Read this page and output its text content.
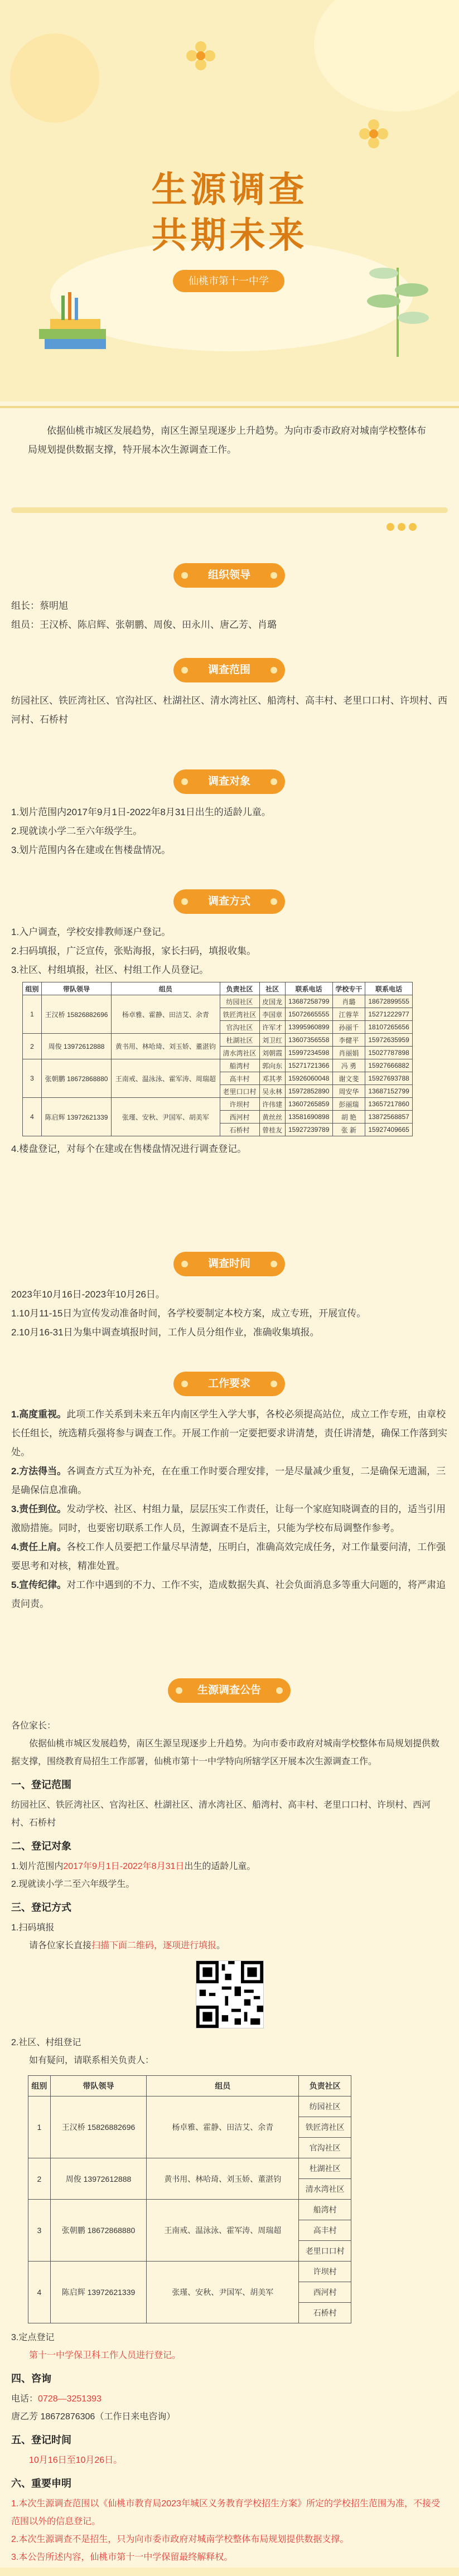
生源调查
共期未来
仙桃市第十一中学

依据仙桃市城区发展趋势，南区生源呈现逐步上升趋势。为向市委市政府对城南学校整体布局规划提供数据支撑，特开展本次生源调查工作。

组织领导

组长：蔡明旭

组员：王汉桥、陈启辉、张朝鹏、周俊、田永川、唐乙芳、肖璐

调查范围

纺园社区、铁匠湾社区、官沟社区、杜湖社区、清水湾社区、船湾村、高丰村、老里口口村、许坝村、西河村、石桥村

调查对象

1.划片范围内2017年9月1日-2022年8月31日出生的适龄儿童。

2.现就读小学二至六年级学生。

3.划片范围内各在建或在售楼盘情况。

调查方式

1.入户调查，学校安排教师逐户登记。

2.扫码填报，广泛宣传，张贴海报，家长扫码，填报收集。

3.社区、村组填报，社区、村组工作人员登记。

组别	带队领导	组员	负责社区	社区	联系电话	学校专干	联系电话
1	王汉桥 15826882696	杨卓雅、霍静、田洁艾、余青	纺园社区	皮国龙	13687258799	肖璐	18672899555
			铁匠湾社区	李国章	15072665555	江蓉苹	15271222977
			官沟社区	许军才	13995960899	孙丽千	18107265656
2	周俊 13972612888	黄书用、林哈琦、刘玉娇、董湛钧	杜湖社区	刘卫红	13607356558	李健平	15972635959
			清水湾社区	刘朝霞	15997234598	肖丽娟	15027787898
3	张朝鹏 18672868880	王南戒、温泳泳、霍军涛、周瑞超	船湾村	郭向东	15271721366	冯 勇	15927666882
			高丰村	邓其孝	15926060048	谢文斐	15927693788
			老里口口村	吴永林	15972852890	周安华	13687152799
4	陈启辉 13972621339	张瑾、安秋、尹国军、胡美军	许坝村	许伟建	13607265859	彭丽瑞	13657217860
			西河村	黄丝丝	13581690898	胡 艳	13872568857
			石桥村	曾桂友	15927239789	张 新	15927409665

4.楼盘登记，对每个在建或在售楼盘情况进行调查登记。

调查时间

2023年10月16日-2023年10月26日。

1.10月11-15日为宣传发动准备时间，各学校要制定本校方案，成立专班，开展宣传。

2.10月16-31日为集中调查填报时间，工作人员分组作业，准确收集填报。

工作要求

1.高度重视。此项工作关系到未来五年内南区学生入学大事，各校必须提高站位，成立工作专班，由章校长任组长，统选精兵强将参与调查工作。开展工作前一定要把要求讲清楚，责任讲清楚，确保工作落到实处。

2.方法得当。各调查方式互为补充，在在重工作时要合理安排，一是尽量减少重复，二是确保无遗漏，三是确保信息准确。

3.责任到位。发动学校、社区、村组力量，层层压实工作责任，让每一个家庭知晓调查的目的，适当引用激励措施。同时，也要密切联系工作人员，生源调查不是后主，只能为学校布局调整作参考。

4.责任上肩。各校工作人员要把工作量尽早清楚，压明白，准确高效完成任务，对工作量要问清，工作强要思考和对核，精准处置。

5.宣传纪律。对工作中遇到的不力、工作不实，造成数据失真、社会负面消息多等重大问题的，将严肃追责问责。

生源调查公告

各位家长：

依据仙桃市城区发展趋势，南区生源呈现逐步上升趋势。为向市委市政府对城南学校整体布局规划提供数据支撑，围绕教育局招生工作部署，仙桃市第十一中学特向所辖学区开展本次生源调查工作。

一、登记范围

纺园社区、铁匠湾社区、官沟社区、杜湖社区、清水湾社区、船湾村、高丰村、老里口口村、许坝村、西河村、石桥村

二、登记对象

1.划片范围内2017年9月1日-2022年8月31日出生的适龄儿童。

2.现就读小学二至六年级学生。

三、登记方式

1.扫码填报

请各位家长直接扫描下面二维码，逐项进行填报。

2.社区、村组登记

如有疑问，请联系相关负责人：

组别	带队领导	组员	负责社区
1	王汉桥 15826882696	杨卓雅、霍静、田洁艾、余青	纺园社区
			铁匠湾社区
			官沟社区
2	周俊 13972612888	黄书用、林哈琦、刘玉娇、董湛钧	杜湖社区
			清水湾社区
3	张朝鹏 18672868880	王南戒、温泳泳、霍军涛、周瑞超	船湾村
			高丰村
			老里口口村
4	陈启辉 13972621339	张瑾、安秋、尹国军、胡美军	许坝村
			西河村
			石桥村

3.定点登记

第十一中学保卫科工作人员进行登记。

四、咨询

电话：0728—3251393

唐乙芳 18672876306（工作日来电咨询）

五、登记时间

10月16日至10月26日。

六、重要申明

1.本次生源调查范围以《仙桃市教育局2023年城区义务教育学校招生方案》所定的学校招生范围为准，不接受范围以外的信息登记。

2.本次生源调查不是招生，只为向市委市政府对城南学校整体布局规划提供数据支撑。

3.本公告所述内容，仙桃市第十一中学保留最终解释权。
